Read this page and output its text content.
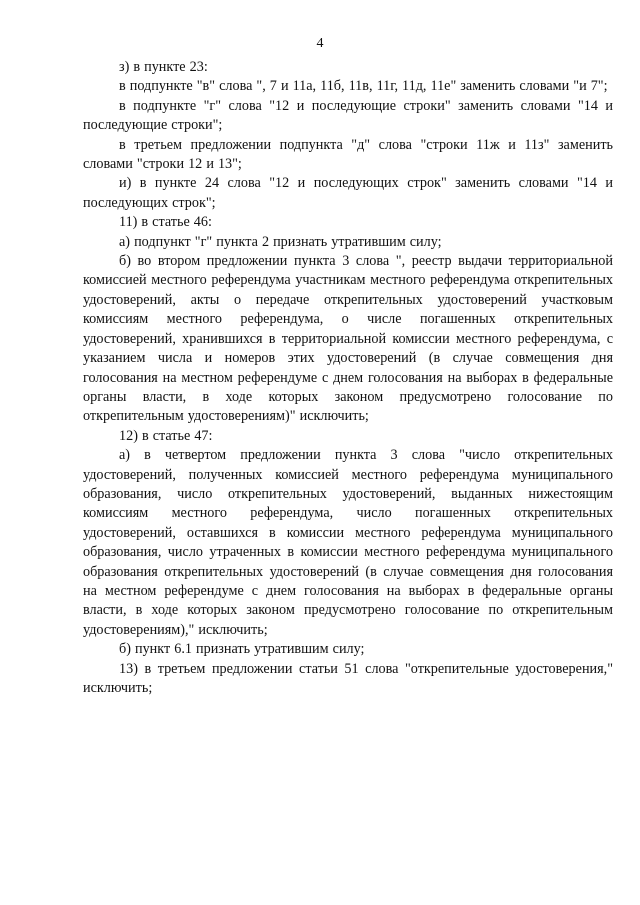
4

з) в пункте 23:

в подпункте "в" слова ", 7 и 11а, 11б, 11в, 11г, 11д, 11е" заменить словами "и 7";

в подпункте "г" слова "12 и последующие строки" заменить словами "14 и последующие строки";

в третьем предложении подпункта "д" слова "строки 11ж и 11з" заменить словами "строки 12 и 13";

и) в пункте 24 слова "12 и последующих строк" заменить словами "14 и последующих строк";

11) в статье 46:

а) подпункт "г" пункта 2 признать утратившим силу;

б) во втором предложении пункта 3 слова ", реестр выдачи территориальной комиссией местного референдума участникам местного референдума открепительных удостоверений, акты о передаче открепительных удостоверений участковым комиссиям местного референдума, о числе погашенных открепительных удостоверений, хранившихся в территориальной комиссии местного референдума, с указанием числа и номеров этих удостоверений (в случае совмещения дня голосования на местном референдуме с днем голосования на выборах в федеральные органы власти, в ходе которых законом предусмотрено голосование по открепительным удостоверениям)" исключить;

12) в статье 47:

а) в четвертом предложении пункта 3 слова "число открепительных удостоверений, полученных комиссией местного референдума муниципального образования, число открепительных удостоверений, выданных нижестоящим комиссиям местного референдума, число погашенных открепительных удостоверений, оставшихся в комиссии местного референдума муниципального образования, число утраченных в комиссии местного референдума муниципального образования открепительных удостоверений (в случае совмещения дня голосования на местном референдуме с днем голосования на выборах в федеральные органы власти, в ходе которых законом предусмотрено голосование по открепительным удостоверениям)," исключить;

б) пункт 6.1 признать утратившим силу;

13) в третьем предложении статьи 51 слова "открепительные удостоверения," исключить;
